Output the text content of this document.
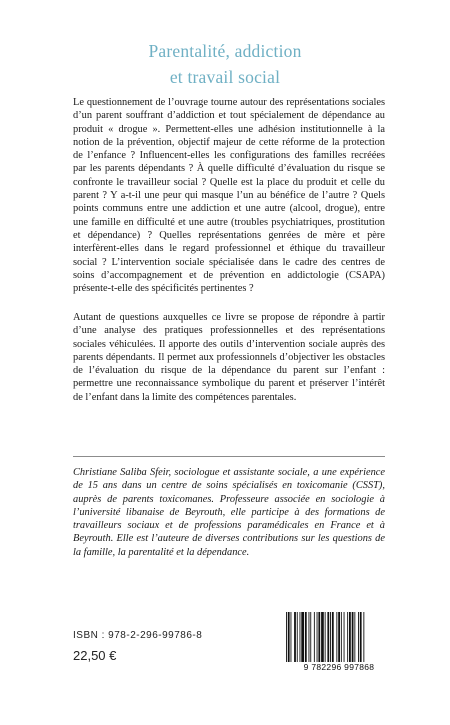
Parentalité, addiction
et travail social

Le questionnement de l’ouvrage tourne autour des représentations sociales d’un parent souffrant d’addiction et tout spécialement de dépendance au produit « drogue ». Permettent-elles une adhésion institutionnelle à la notion de la prévention, objectif majeur de cette réforme de la protection de l’enfance ? Influencent-elles les configurations des familles recréées par les parents dépendants ? À quelle difficulté d’évaluation du risque se confronte le travailleur social ? Quelle est la place du produit et celle du parent ? Y a-t-il une peur qui masque l’un au bénéfice de l’autre ? Quels points communs entre une addiction et une autre (alcool, drogue), entre une famille en difficulté et une autre (troubles psychiatriques, prostitution et dépendance) ? Quelles représentations genrées de mère et père interfèrent-elles dans le regard professionnel et éthique du travailleur social ? L’intervention sociale spécialisée dans le cadre des centres de soins d’accompagnement et de prévention en addictologie (CSAPA) présente-t-elle des spécificités pertinentes ?

Autant de questions auxquelles ce livre se propose de répondre à partir d’une analyse des pratiques professionnelles et des représentations sociales véhiculées. Il apporte des outils d’intervention sociale auprès des parents dépendants. Il permet aux professionnels d’objectiver les obstacles de l’évaluation du risque de la dépendance du parent sur l’enfant : permettre une reconnaissance symbolique du parent et préserver l’intérêt de l’enfant dans la limite des compétences parentales.

Christiane Saliba Sfeir, sociologue et assistante sociale, a une expérience de 15 ans dans un centre de soins spécialisés en toxicomanie (CSST), auprès de parents toxicomanes. Professeure associée en sociologie à l’université libanaise de Beyrouth, elle participe à des formations de travailleurs sociaux et de professions paramédicales en France et à Beyrouth. Elle est l’auteure de diverses contributions sur les questions de la famille, la parentalité et la dépendance.

ISBN : 978-2-296-99786-8
22,50 €
9 782296 997868
